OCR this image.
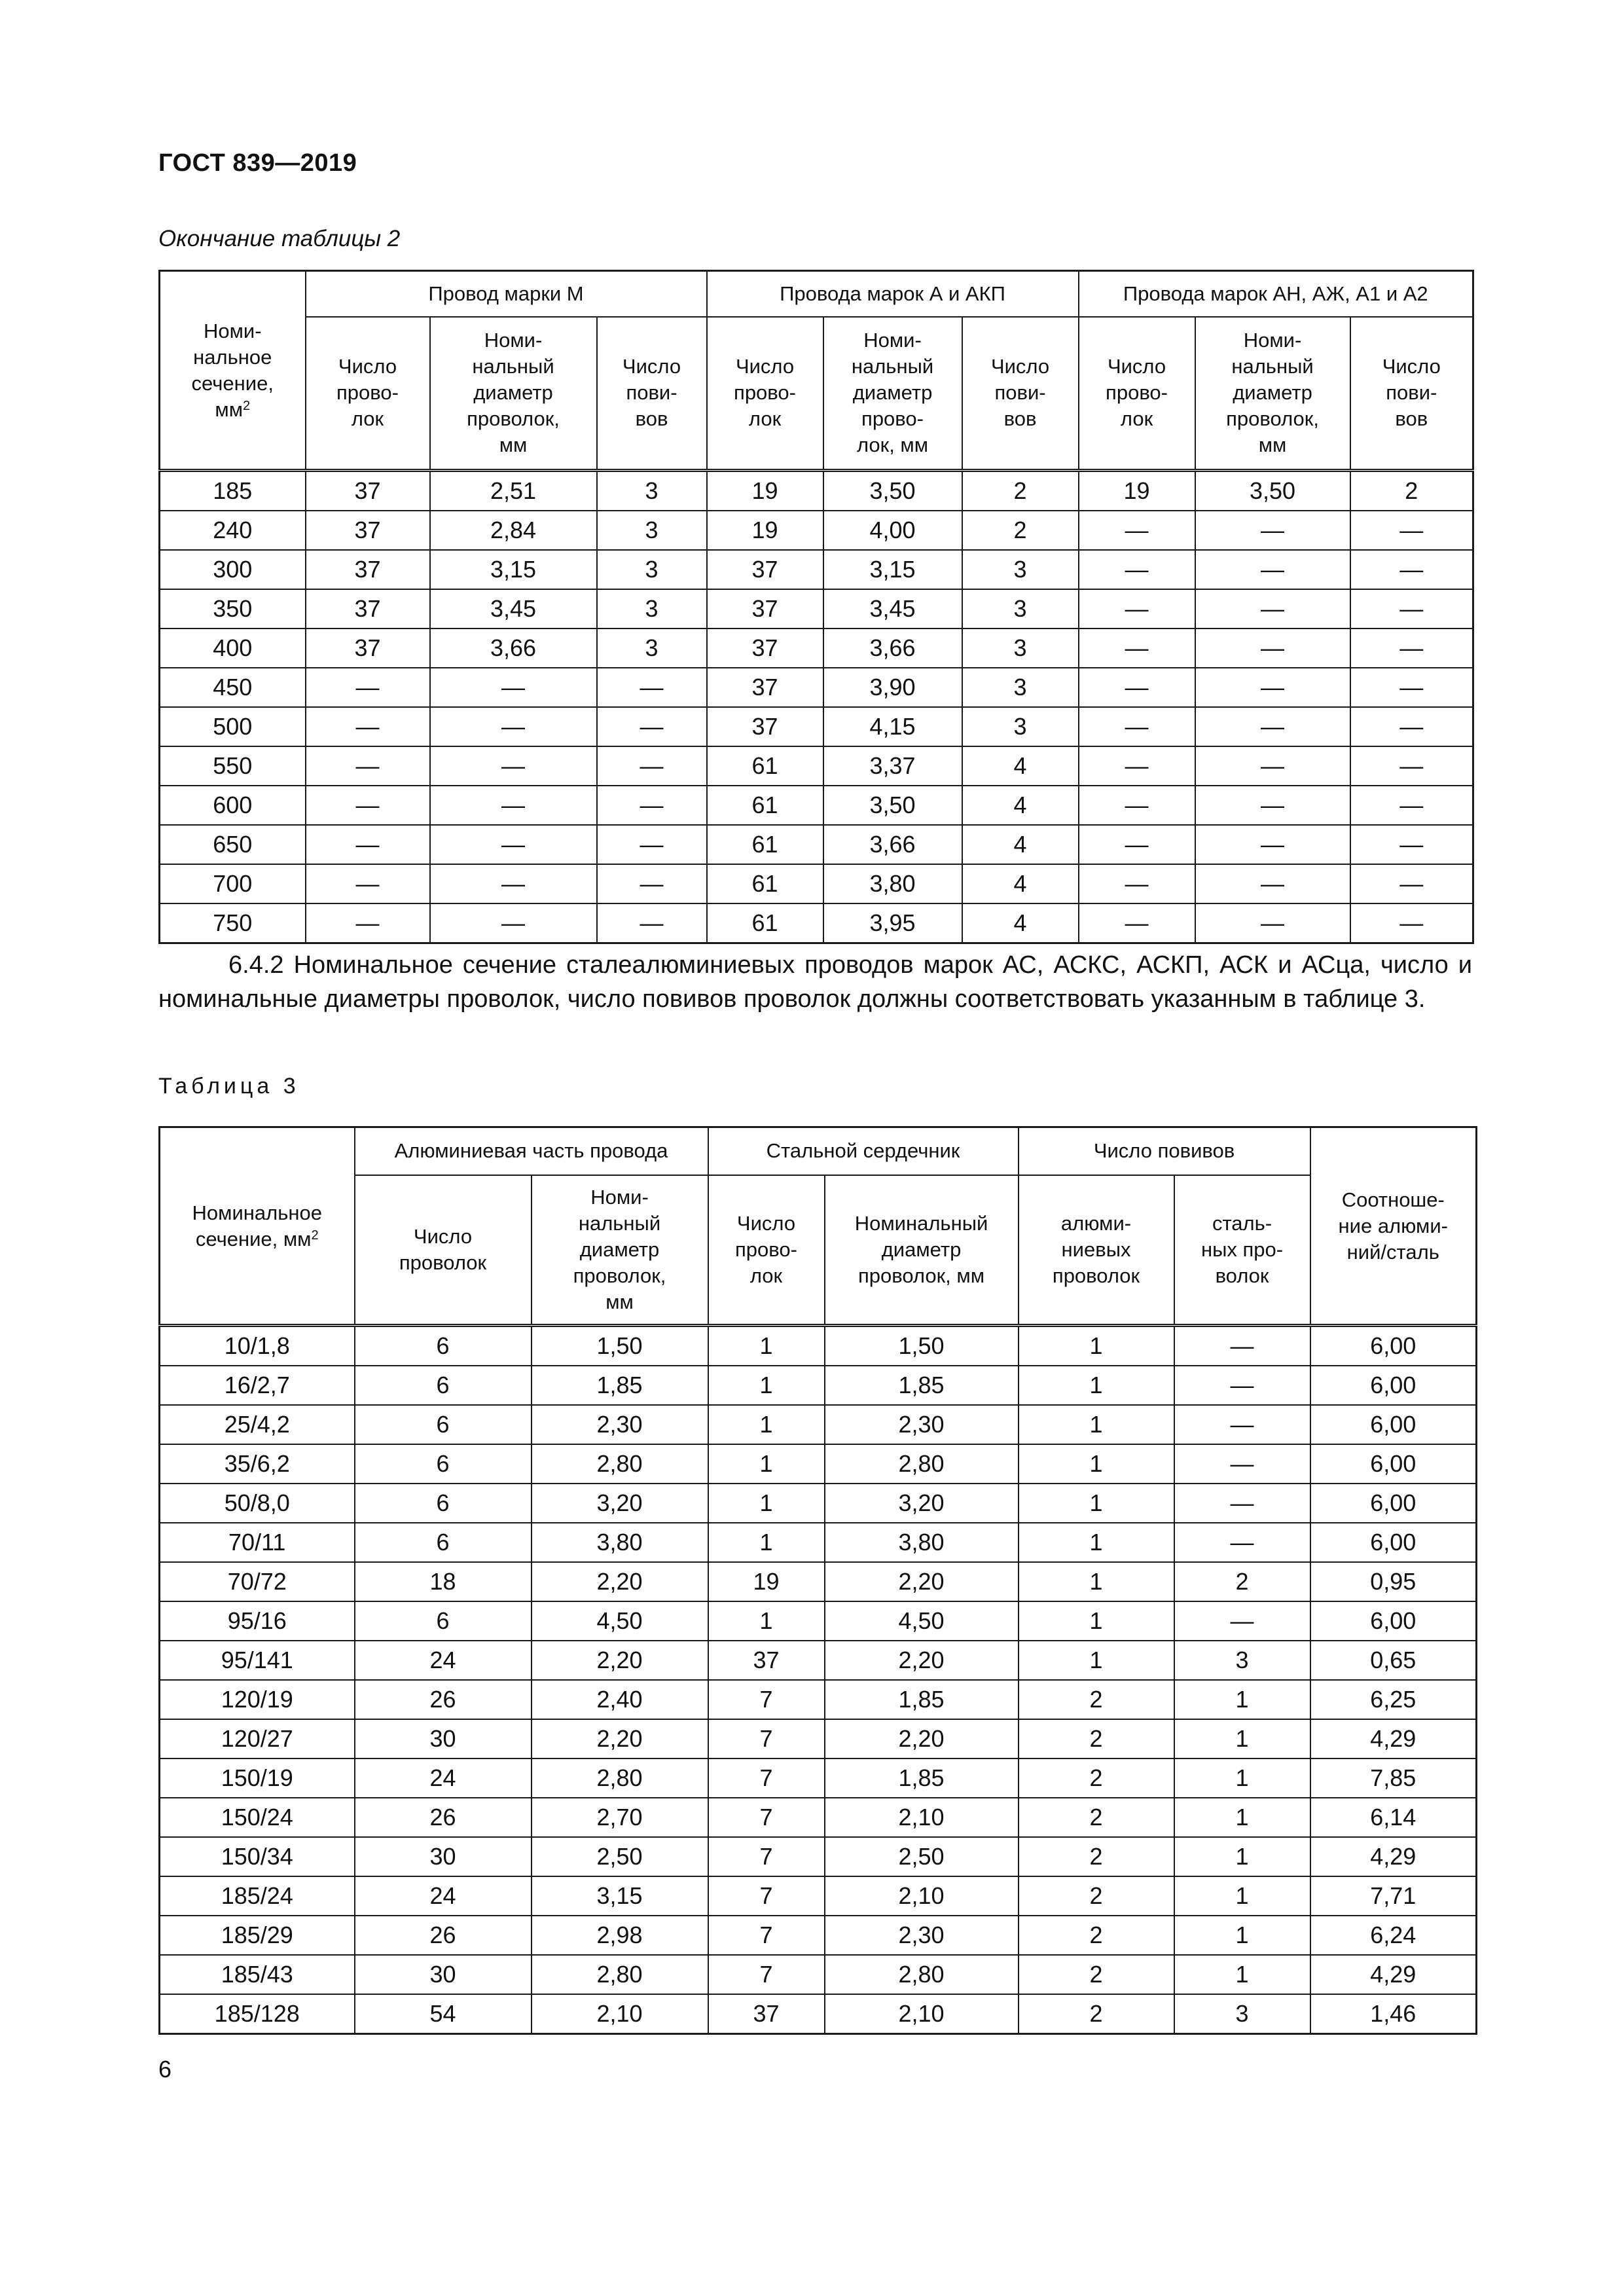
ГОСТ 839—2019
Окончание таблицы 2
Номи-
нальное
сечение,
$мм^2$	Провод марки М			Провода марок А и АКП			Провода марок АН, АЖ, А1 и А2		
	Число
прово-
лок	Номи-
нальный
диаметр
проволок,
мм	Число
пови-
вов	Число
прово-
лок	Номи-
нальный
диаметр
прово-
лок, мм	Число
пови-
вов	Число
прово-
лок	Номи-
нальный
диаметр
проволок,
мм	Число
пови-
вов
185	37	2,51	3	19	3,50	2	19	3,50	2
240	37	2,84	3	19	4,00	2	—	—	—
300	37	3,15	3	37	3,15	3	—	—	—
350	37	3,45	3	37	3,45	3	—	—	—
400	37	3,66	3	37	3,66	3	—	—	—
450	—	—	—	37	3,90	3	—	—	—
500	—	—	—	37	4,15	3	—	—	—
550	—	—	—	61	3,37	4	—	—	—
600	—	—	—	61	3,50	4	—	—	—
650	—	—	—	61	3,66	4	—	—	—
700	—	—	—	61	3,80	4	—	—	—
750	—	—	—	61	3,95	4	—	—	—
6.4.2 Номинальное сечение сталеалюминиевых проводов марок АС, АСКС, АСКП, АСК и АСца, число и номинальные диаметры проволок, число повивов проволок должны соответствовать указанным в таблице 3.
Таблица 3
Номинальное
сечение, $мм^2$	Алюминиевая часть провода		Стальной сердечник		Число повивов		Соотноше-
ние алюми-
ний/сталь
	Число
проволок	Номи-
нальный
диаметр
проволок,
мм	Число
прово-
лок	Номинальный
диаметр
проволок, мм	алюми-
ниевых
проволок	сталь-
ных про-
волок	
10/1,8	6	1,50	1	1,50	1	—	6,00
16/2,7	6	1,85	1	1,85	1	—	6,00
25/4,2	6	2,30	1	2,30	1	—	6,00
35/6,2	6	2,80	1	2,80	1	—	6,00
50/8,0	6	3,20	1	3,20	1	—	6,00
70/11	6	3,80	1	3,80	1	—	6,00
70/72	18	2,20	19	2,20	1	2	0,95
95/16	6	4,50	1	4,50	1	—	6,00
95/141	24	2,20	37	2,20	1	3	0,65
120/19	26	2,40	7	1,85	2	1	6,25
120/27	30	2,20	7	2,20	2	1	4,29
150/19	24	2,80	7	1,85	2	1	7,85
150/24	26	2,70	7	2,10	2	1	6,14
150/34	30	2,50	7	2,50	2	1	4,29
185/24	24	3,15	7	2,10	2	1	7,71
185/29	26	2,98	7	2,30	2	1	6,24
185/43	30	2,80	7	2,80	2	1	4,29
185/128	54	2,10	37	2,10	2	3	1,46
6
